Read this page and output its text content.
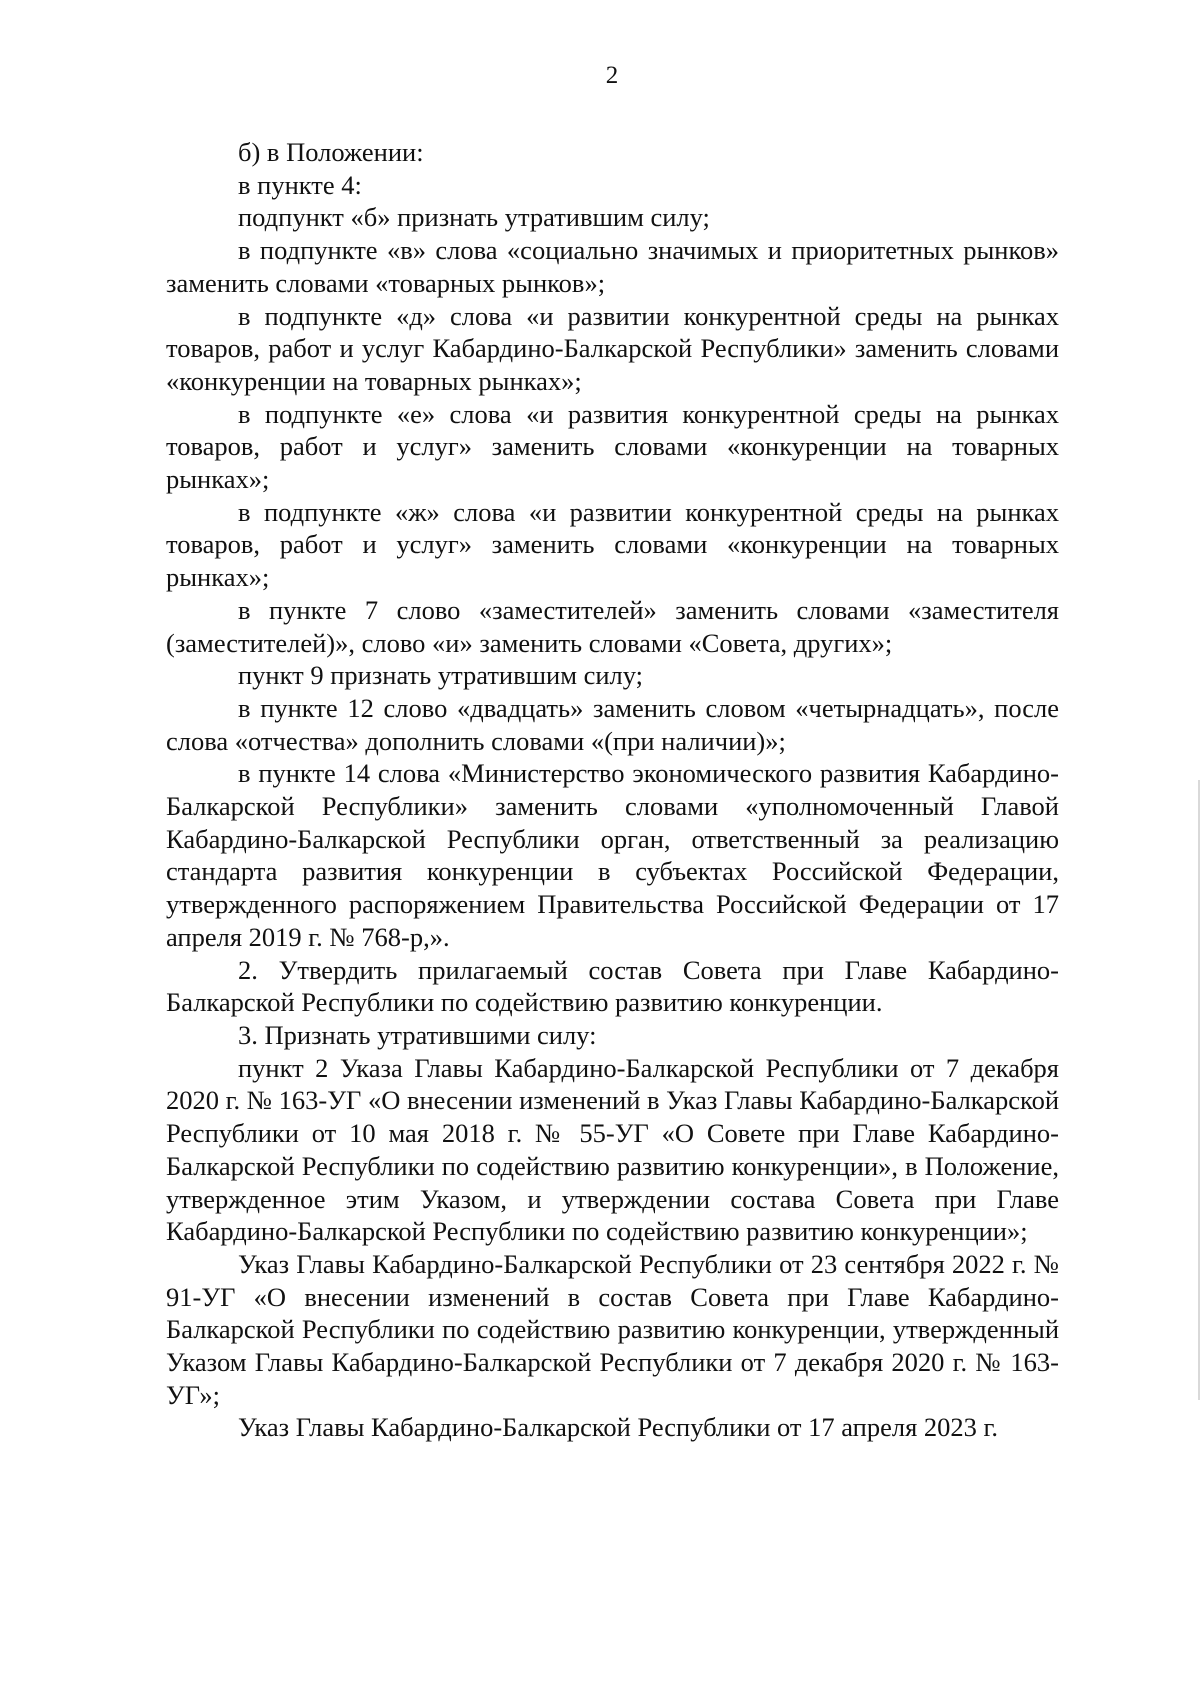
2

б) в Положении:

в пункте 4:

подпункт «б» признать утратившим силу;

в подпункте «в» слова «социально значимых и приоритетных рынков» заменить словами «товарных рынков»;

в подпункте «д» слова «и развитии конкурентной среды на рынках товаров, работ и услуг Кабардино-Балкарской Республики» заменить словами «конкуренции на товарных рынках»;

в подпункте «е» слова «и развития конкурентной среды на рынках товаров, работ и услуг» заменить словами «конкуренции на товарных рынках»;

в подпункте «ж» слова «и развитии конкурентной среды на рынках товаров, работ и услуг» заменить словами «конкуренции на товарных рынках»;

в пункте 7 слово «заместителей» заменить словами «заместителя (заместителей)», слово «и» заменить словами «Совета, других»;

пункт 9 признать утратившим силу;

в пункте 12 слово «двадцать» заменить словом «четырнадцать», после слова «отчества» дополнить словами «(при наличии)»;

в пункте 14 слова «Министерство экономического развития Кабардино-Балкарской Республики» заменить словами «уполномоченный Главой Кабардино-Балкарской Республики орган, ответственный за реализацию стандарта развития конкуренции в субъектах Российской Федерации, утвержденного распоряжением Правительства Российской Федерации от 17 апреля 2019 г. № 768-р,».

2. Утвердить прилагаемый состав Совета при Главе Кабардино-Балкарской Республики по содействию развитию конкуренции.

3. Признать утратившими силу:

пункт 2 Указа Главы Кабардино-Балкарской Республики от 7 декабря 2020 г. № 163-УГ «О внесении изменений в Указ Главы Кабардино-Балкарской Республики от 10 мая 2018 г. № 55-УГ «О Совете при Главе Кабардино-Балкарской Республики по содействию развитию конкуренции», в Положение, утвержденное этим Указом, и утверждении состава Совета при Главе Кабардино-Балкарской Республики по содействию развитию конкуренции»;

Указ Главы Кабардино-Балкарской Республики от 23 сентября 2022 г. № 91-УГ «О внесении изменений в состав Совета при Главе Кабардино-Балкарской Республики по содействию развитию конкуренции, утвержденный Указом Главы Кабардино-Балкарской Республики от 7 декабря 2020 г. № 163-УГ»;

Указ Главы Кабардино-Балкарской Республики от 17 апреля 2023 г.
